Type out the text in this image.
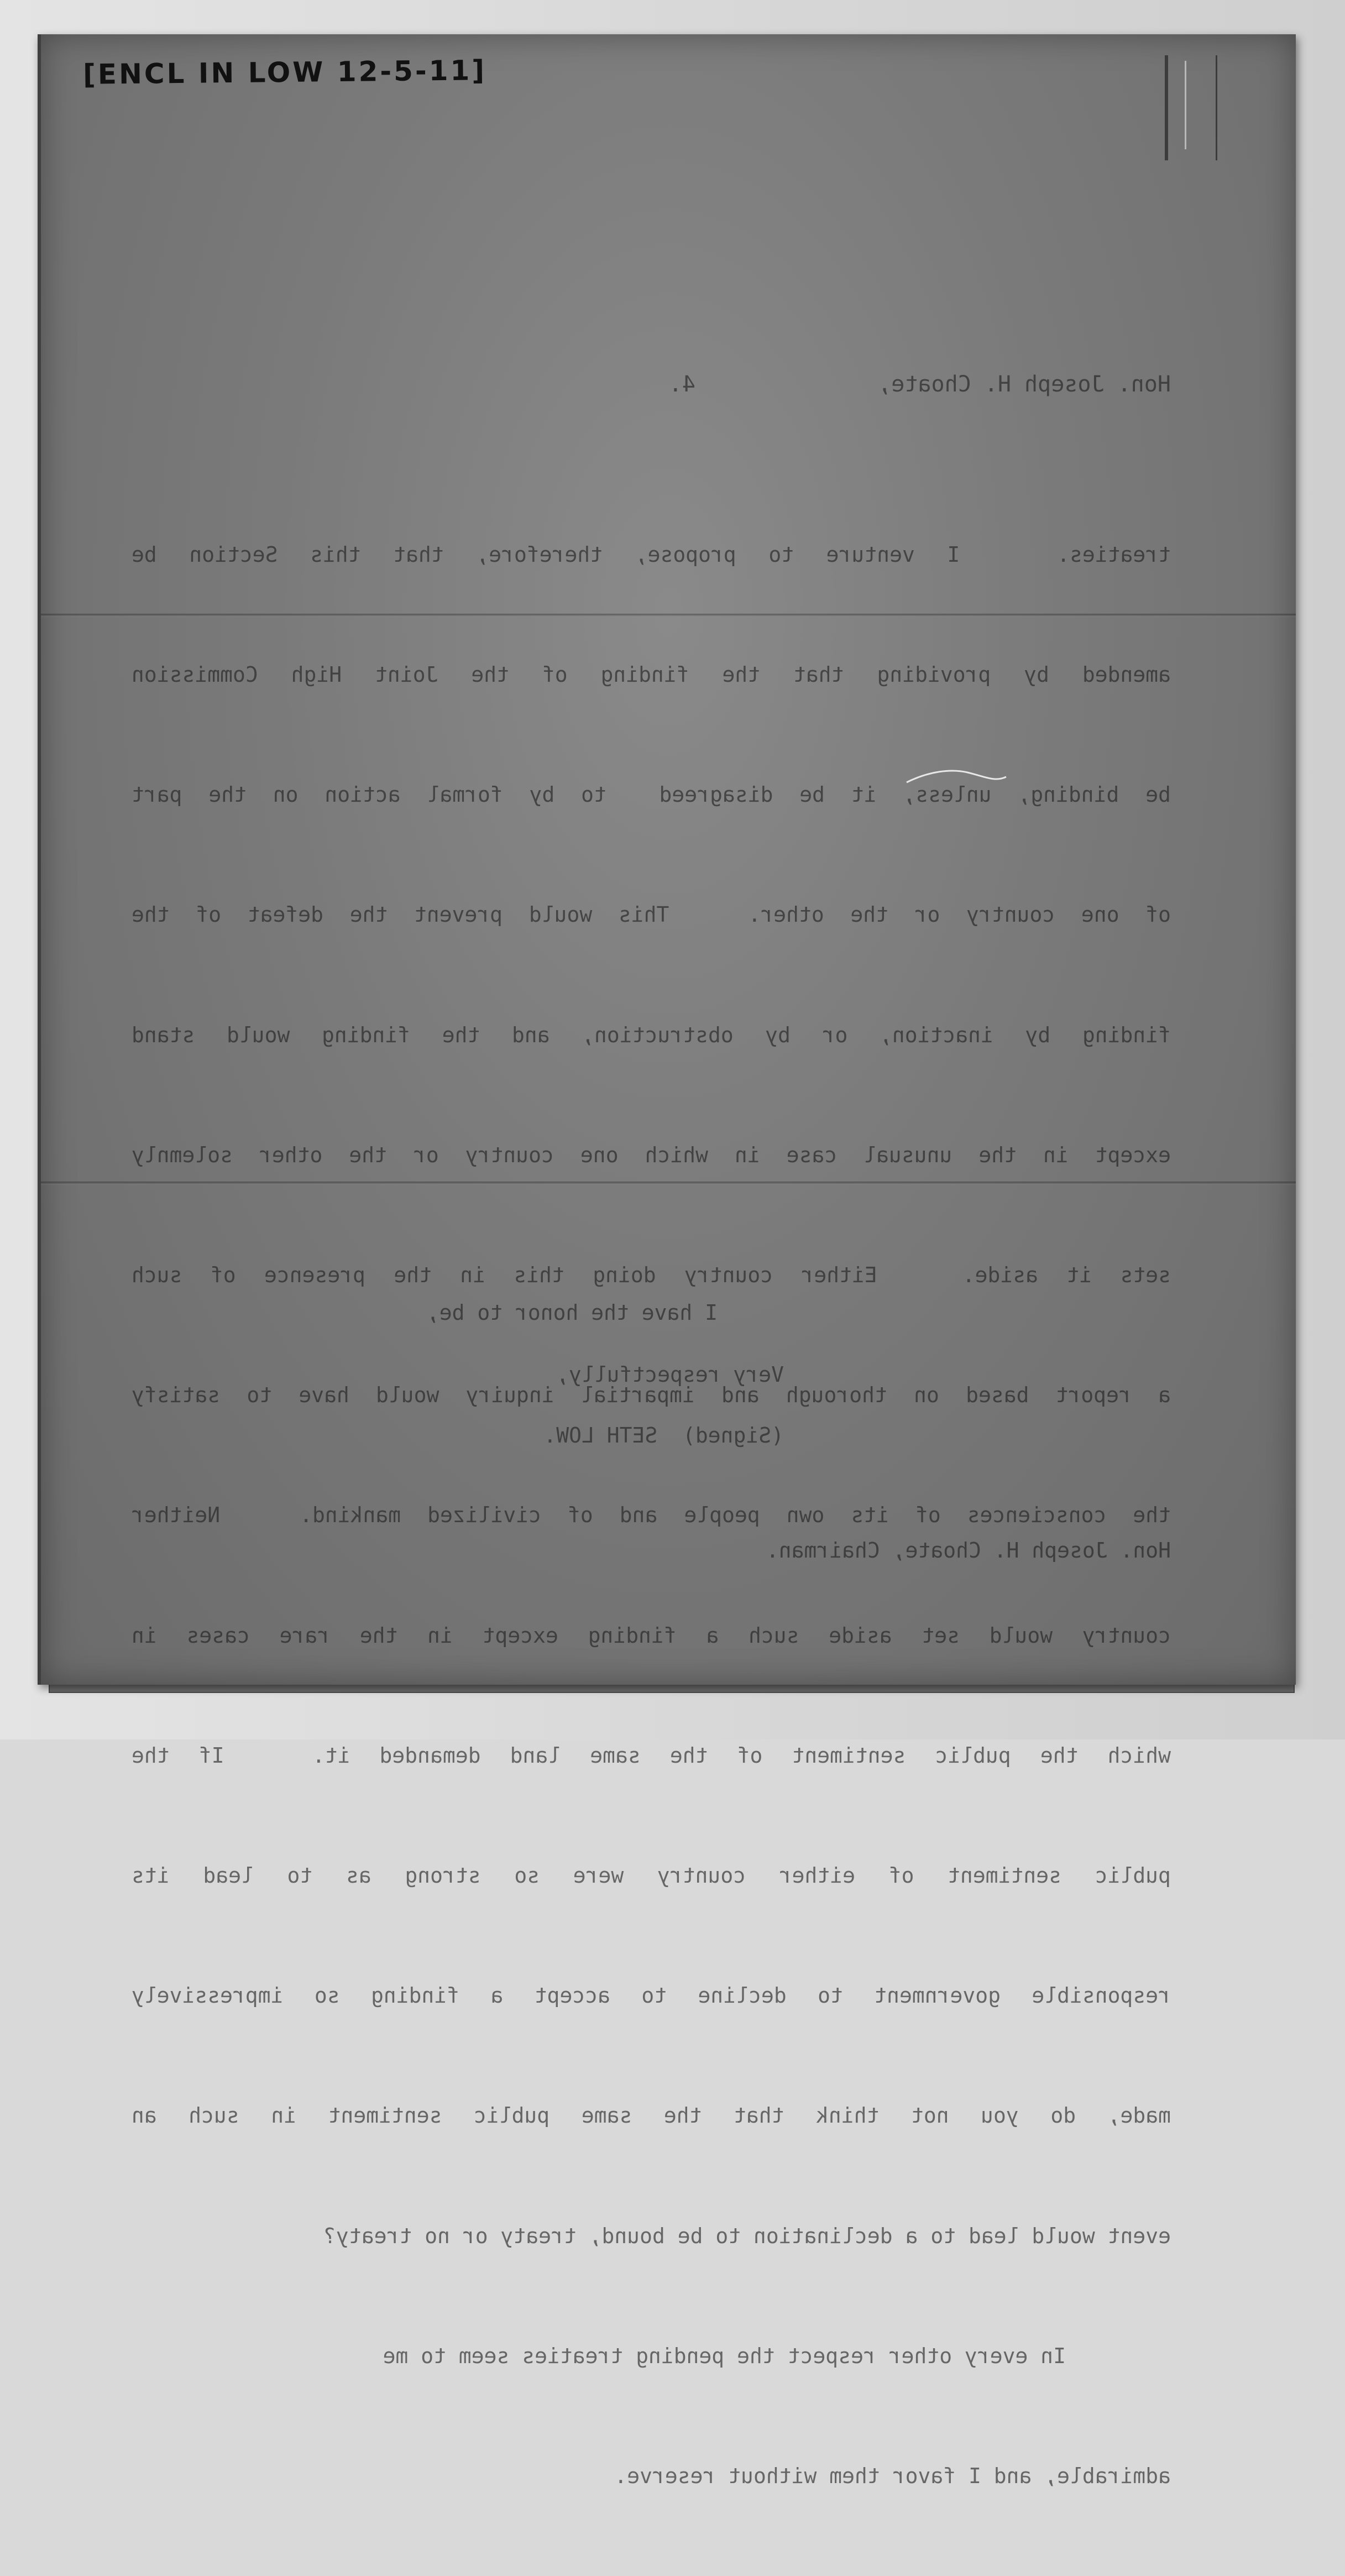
[ENCL IN LOW 12-5-11]
Hon. Joseph H. Choate,
4.

treaties.   I venture to propose, therefore, that this Section be

amended by providing that the finding of the Joint High Commission

be binding, unless, it be disagreed  to by formal action on the part

of one country or the other.   This would prevent the defeat of the

finding by inaction, or by obstruction, and the finding would stand

except in the unusual case in which one country or the other solemnly

sets it aside.   Either country doing this in the presence of such

a report based on thorough and impartial inquiry would have to satisfy

the consciences of its own people and of civilized mankind.   Neither

country would set aside such a finding except in the rare cases in

which the public sentiment of the same land demanded it.   If the

public sentiment of either country were so strong as to lead its

responsible government to decline to accept a finding so impressively

made, do you not think that the same public sentiment in such an

event would lead to a declination to be bound, treaty or no treaty?

In every other respect the pending treaties seem to me

admirable, and I favor them without reserve.

I have the honor to be,
Very respectfully,
(Signed)  SETH LOW.
Hon. Joseph H. Choate, Chairman.
